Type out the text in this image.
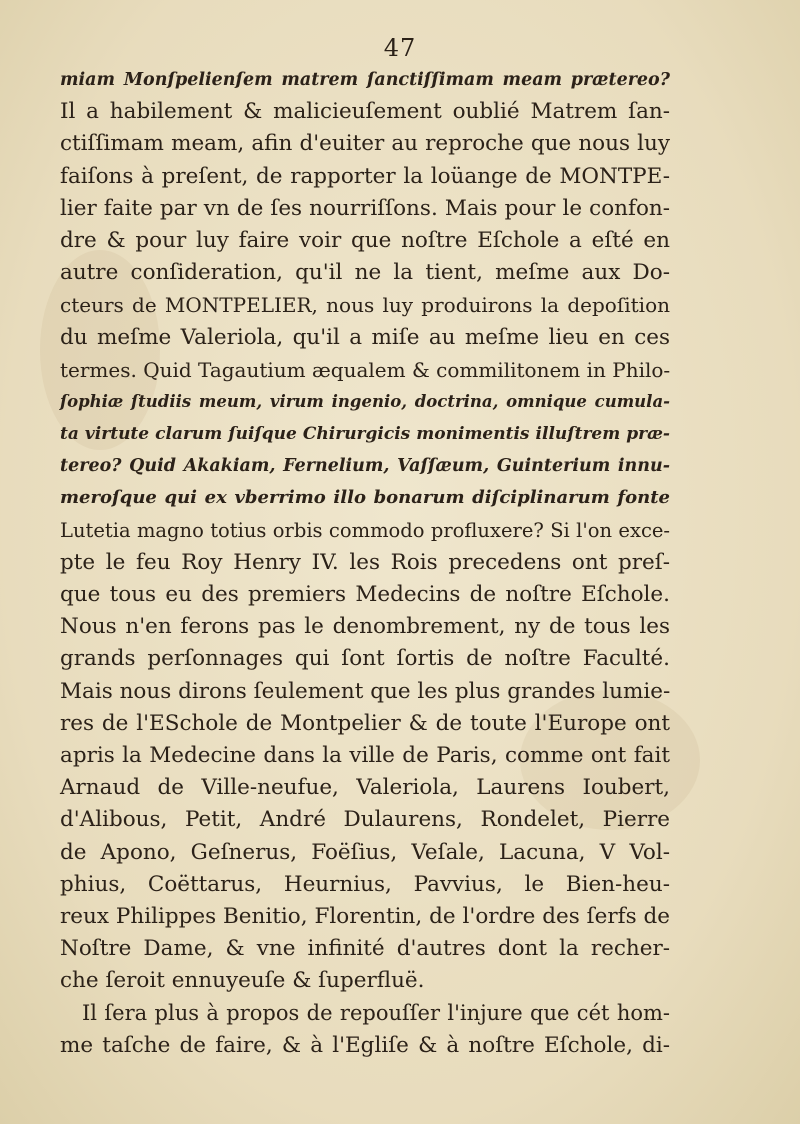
47
miam Monſpelienſem matrem ſanctiſſimam meam prætereo?
Il a habilement & malicieuſement oublié Matrem ſan-
ctiſſimam meam, afin d'euiter au reproche que nous luy
faiſons à preſent, de rapporter la loüange de MONTPE-
lier faite par vn de ſes nourriſſons. Mais pour le confon-
dre & pour luy faire voir que noſtre Eſchole a eſté en
autre conſideration, qu'il ne la tient, meſme aux Do-
cteurs de MONTPELIER, nous luy produirons la depoſition
du meſme Valeriola, qu'il a miſe au meſme lieu en ces
termes. Quid Tagautium æqualem & commilitonem in Philo-
ſophiæ ſtudiis meum, virum ingenio, doctrina, omnique cumula-
ta virtute clarum ſuiſque Chirurgicis monimentis illuſtrem præ-
tereo? Quid Akakiam, Fernelium, Vaſſæum, Guinterium innu-
meroſque qui ex vberrimo illo bonarum diſciplinarum fonte
Lutetia magno totius orbis commodo profluxere? Si l'on exce-
pte le feu Roy Henry IV. les Rois precedens ont preſ-
que tous eu des premiers Medecins de noſtre Eſchole.
Nous n'en ferons pas le denombrement, ny de tous les
grands perſonnages qui ſont ſortis de noſtre Faculté.
Mais nous dirons ſeulement que les plus grandes lumie-
res de l'ESchole de Montpelier & de toute l'Europe ont
apris la Medecine dans la ville de Paris, comme ont fait
Arnaud de Ville-neufue, Valeriola, Laurens Ioubert,
d'Alibous, Petit, André Dulaurens, Rondelet, Pierre
de Apono, Geſnerus, Foëſius, Veſale, Lacuna, V Vol-
phius, Coëttarus, Heurnius, Pavvius, le Bien-heu-
reux Philippes Benitio, Florentin, de l'ordre des ſerfs de
Noſtre Dame, & vne infinité d'autres dont la recher-
che ſeroit ennuyeuſe & ſuperfluë.
Il ſera plus à propos de repouſſer l'injure que cét hom-
me taſche de faire, & à l'Egliſe & à noſtre Eſchole, di-
